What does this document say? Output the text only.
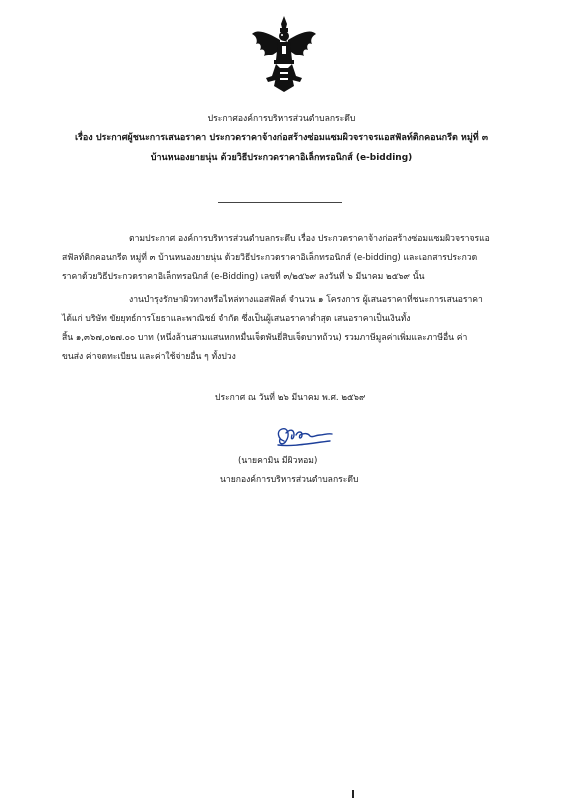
ประกาศองค์การบริหารส่วนตำบลกระดึบ
เรื่อง ประกาศผู้ชนะการเสนอราคา ประกวดราคาจ้างก่อสร้างซ่อมแซมผิวจราจรแอสฟัลท์ติกคอนกรีต หมู่ที่ ๓
บ้านหนองยายนุ่น ด้วยวิธีประกวดราคาอิเล็กทรอนิกส์ (e-bidding)
ตามประกาศ องค์การบริหารส่วนตำบลกระดึบ เรื่อง ประกวดราคาจ้างก่อสร้างซ่อมแซมผิวจราจรแอ
สฟัลท์ติกคอนกรีต หมู่ที่ ๓ บ้านหนองยายนุ่น ด้วยวิธีประกวดราคาอิเล็กทรอนิกส์ (e-bidding) และเอกสารประกวด
ราคาด้วยวิธีประกวดราคาอิเล็กทรอนิกส์ (e-Bidding) เลขที่ ๓/๒๕๖๙ ลงวันที่ ๖ มีนาคม ๒๕๖๙ นั้น
งานบำรุงรักษาผิวทางหรือไหล่ทางแอสฟัลต์ จำนวน ๑ โครงการ ผู้เสนอราคาที่ชนะการเสนอราคา
ได้แก่ บริษัท ขัยยุทธ์การโยธาและพาณิชย์ จำกัด ซึ่งเป็นผู้เสนอราคาต่ำสุด เสนอราคาเป็นเงินทั้ง
สิ้น ๑,๓๖๗,๐๒๗.๐๐ บาท (หนึ่งล้านสามแสนหกหมื่นเจ็ดพันยี่สิบเจ็ดบาทถ้วน) รวมภาษีมูลค่าเพิ่มและภาษีอื่น ค่า
ขนส่ง ค่าจดทะเบียน และค่าใช้จ่ายอื่น ๆ ทั้งปวง
ประกาศ ณ วันที่ ๒๖ มีนาคม พ.ศ. ๒๕๖๙
(นายคามิน มีผิวหอม)
นายกองค์การบริหารส่วนตำบลกระดึบ
